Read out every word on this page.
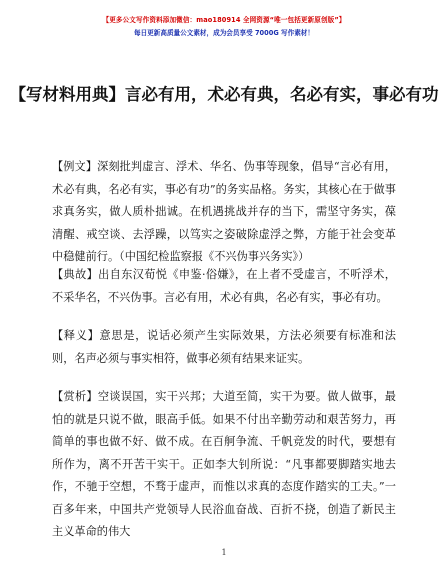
【更多公文写作资料添加微信：mao180914 全网资源“唯一包括更新原创版”】
每日更新高质量公文素材，成为会员享受 7000G 写作素材！
【写材料用典】言必有用，术必有典，名必有实，事必有功
【例文】深刻批判虚言、浮术、华名、伪事等现象，倡导“言必有用，术必有典，名必有实，事必有功”的务实品格。务实，其核心在于做事求真务实，做人质朴拙诚。在机遇挑战并存的当下，需坚守务实，葆清醒、戒空谈、去浮躁，以笃实之姿破除虚浮之弊，方能于社会变革中稳健前行。（中国纪检监察报《不兴伪事兴务实》）
【典故】出自东汉荀悦《申鉴·俗嫌》，在上者不受虚言，不听浮术，不采华名，不兴伪事。言必有用，术必有典，名必有实，事必有功。
【释义】意思是，说话必须产生实际效果，方法必须要有标准和法则，名声必须与事实相符，做事必须有结果来证实。
【赏析】空谈误国，实干兴邦；大道至简，实干为要。做人做事，最怕的就是只说不做，眼高手低。如果不付出辛勤劳动和艰苦努力，再简单的事也做不好、做不成。在百舸争流、千帆竞发的时代，要想有所作为，离不开苦干实干。正如李大钊所说：“凡事都要脚踏实地去作，不驰于空想，不骛于虚声，而惟以求真的态度作踏实的工夫。”一百多年来，中国共产党领导人民浴血奋战、百折不挠，创造了新民主主义革命的伟大
1
